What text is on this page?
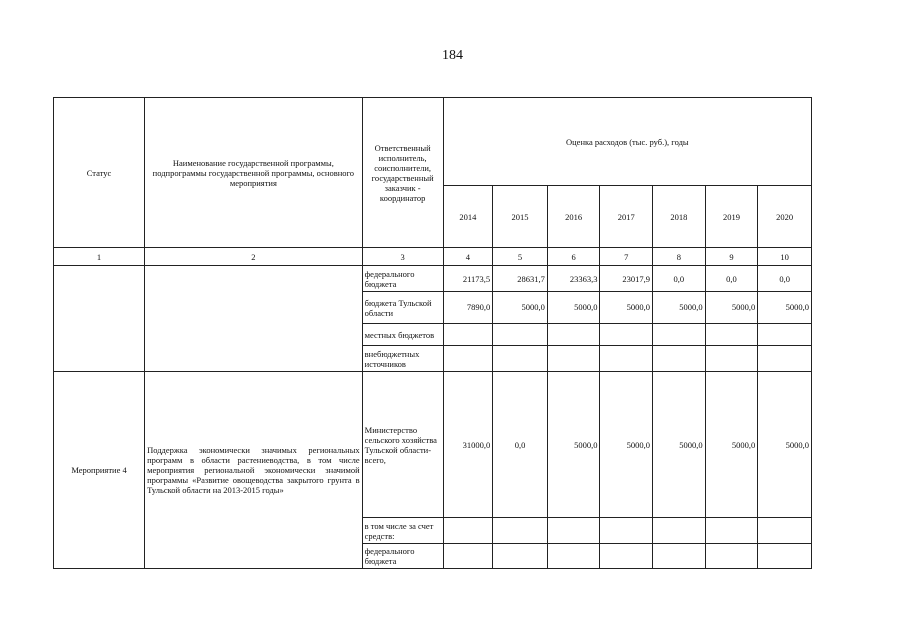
184
Статус	Наименование государственной программы, подпрограммы государственной программы, основного мероприятия	Ответственный исполнитель, соисполнители, государственный заказчик - координатор	Оценка расходов (тыс. руб.), годы						
			2014	2015	2016	2017	2018	2019	2020
1	2	3	4	5	6	7	8	9	10
		федерального бюджета	21173,5	28631,7	23363,3	23017,9	0,0	0,0	0,0
		бюджета Тульской области	7890,0	5000,0	5000,0	5000,0	5000,0	5000,0	5000,0
		местных бюджетов							
		внебюджетных источников							
Мероприятие 4	Поддержка экономически значимых региональных программ в области растениеводства, в том числе мероприятия региональной экономически значимой программы «Развитие овощеводства закрытого грунта в Тульской области на 2013-2015 годы»	Министерство сельского хозяйства Тульской области- всего,	31000,0	0,0	5000,0	5000,0	5000,0	5000,0	5000,0
		в том числе за счет средств:							
		федерального бюджета							
